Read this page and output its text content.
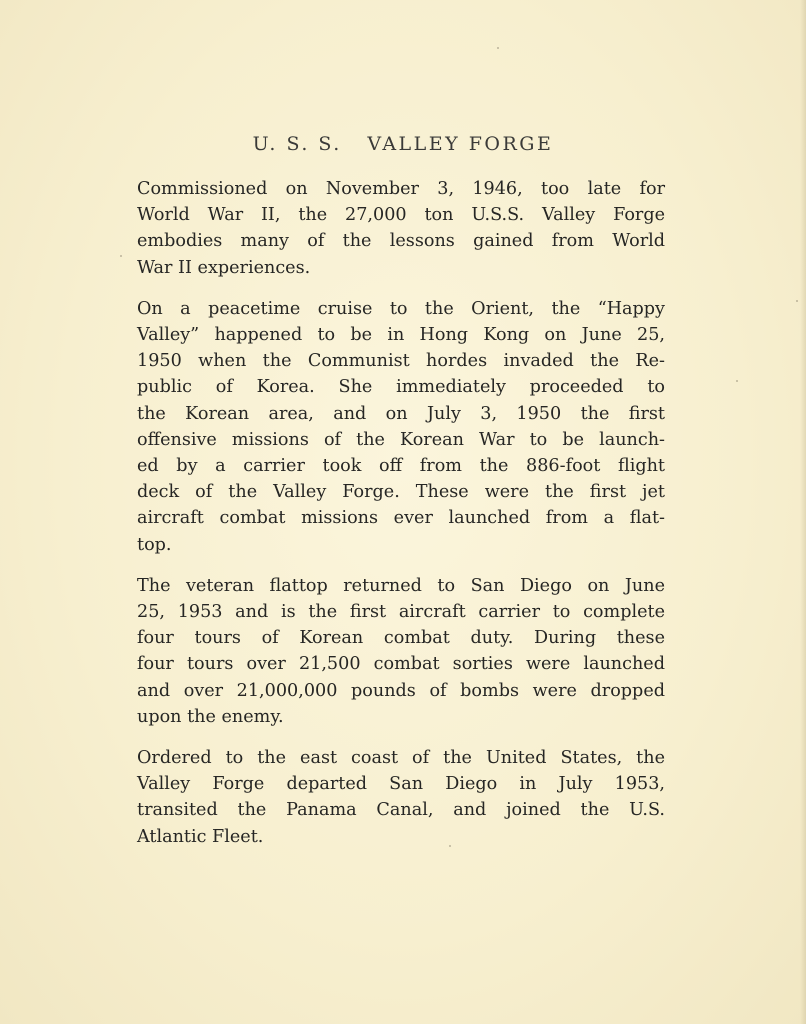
U. S. S.   VALLEY FORGE
Commissioned on November 3, 1946, too late for
World War II, the 27,000 ton U.S.S. Valley Forge
embodies many of the lessons gained from World
War II experiences.
On a peacetime cruise to the Orient, the “Happy
Valley” happened to be in Hong Kong on June 25,
1950 when the Communist hordes invaded the Re-
public of Korea. She immediately proceeded to
the Korean area, and on July 3, 1950 the first
offensive missions of the Korean War to be launch-
ed by a carrier took off from the 886-foot flight
deck of the Valley Forge. These were the first jet
aircraft combat missions ever launched from a flat-
top.
The veteran flattop returned to San Diego on June
25, 1953 and is the first aircraft carrier to complete
four tours of Korean combat duty. During these
four tours over 21,500 combat sorties were launched
and over 21,000,000 pounds of bombs were dropped
upon the enemy.
Ordered to the east coast of the United States, the
Valley Forge departed San Diego in July 1953,
transited the Panama Canal, and joined the U.S.
Atlantic Fleet.
